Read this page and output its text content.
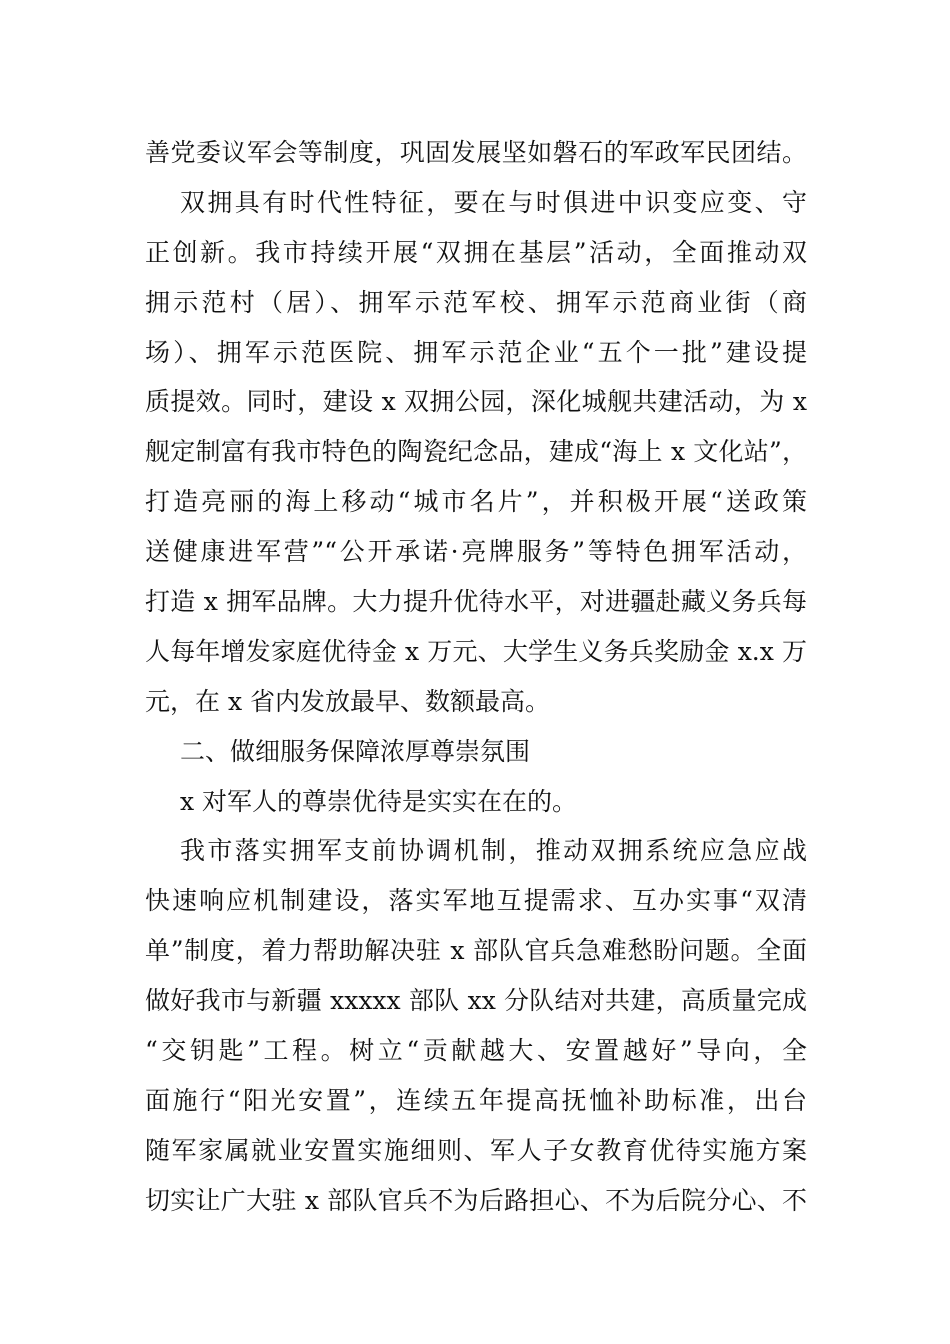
善党委议军会等制度，巩固发展坚如磐石的军政军民团结。
双拥具有时代性特征，要在与时俱进中识变应变、守
正创新。我市持续开展“双拥在基层”活动，全面推动双
拥示范村（居）、拥军示范军校、拥军示范商业街（商
场）、拥军示范医院、拥军示范企业“五个一批”建设提
质提效。同时，建设 x 双拥公园，深化城舰共建活动，为 x
舰定制富有我市特色的陶瓷纪念品，建成“海上 x 文化站”，
打造亮丽的海上移动“城市名片”，并积极开展“送政策
送健康进军营”“公开承诺·亮牌服务”等特色拥军活动，
打造 x 拥军品牌。大力提升优待水平，对进疆赴藏义务兵每
人每年增发家庭优待金 x 万元、大学生义务兵奖励金 x.x 万
元，在 x 省内发放最早、数额最高。
二、做细服务保障浓厚尊崇氛围
x 对军人的尊崇优待是实实在在的。
我市落实拥军支前协调机制，推动双拥系统应急应战
快速响应机制建设，落实军地互提需求、互办实事“双清
单”制度，着力帮助解决驻 x 部队官兵急难愁盼问题。全面
做好我市与新疆 xxxxx 部队 xx 分队结对共建，高质量完成
“交钥匙”工程。树立“贡献越大、安置越好”导向，全
面施行“阳光安置”，连续五年提高抚恤补助标准，出台
随军家属就业安置实施细则、军人子女教育优待实施方案
切实让广大驻 x 部队官兵不为后路担心、不为后院分心、不
